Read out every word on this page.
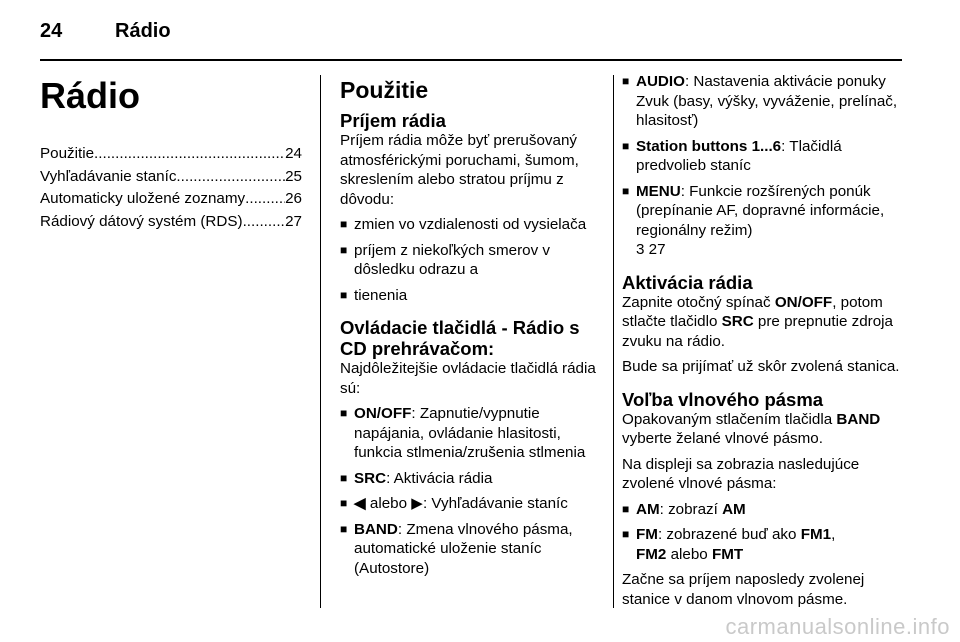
24	Rádio
Rádio
Použitie .....	24
Vyhľadávanie staníc .....	25
Automaticky uložené zoznamy .....	26
Rádiový dátový systém (RDS) .....	27
Použitie
Príjem rádia

Príjem rádia môže byť prerušovaný atmosférickými poruchami, šumom, skreslením alebo stratou príjmu z dôvodu:

■ zmien vo vzdialenosti od vysielača
■ príjem z niekoľkých smerov v dôsledku odrazu a
■ tienenia
Ovládacie tlačidlá - Rádio s CD prehrávačom:

Najdôležitejšie ovládacie tlačidlá rádia sú:

■ ON/OFF: Zapnutie/vypnutie napájania, ovládanie hlasitosti, funkcia stlmenia/zrušenia stlmenia
■ SRC: Aktivácia rádia
■ ◀ alebo ▶: Vyhľadávanie staníc
■ BAND: Zmena vlnového pásma, automatické uloženie staníc (Autostore)
■ AUDIO: Nastavenia aktivácie ponuky Zvuk (basy, výšky, vyváženie, prelínač, hlasitosť)
■ Station buttons 1...6: Tlačidlá predvolieb staníc
■ MENU: Funkcie rozšírených ponúk (prepínanie AF, dopravné informácie, regionálny režim)
3 27
Aktivácia rádia

Zapnite otočný spínač ON/OFF, potom stlačte tlačidlo SRC pre prepnutie zdroja zvuku na rádio.

Bude sa prijímať už skôr zvolená stanica.

Voľba vlnového pásma

Opakovaným stlačením tlačidla BAND vyberte želané vlnové pásmo.

Na displeji sa zobrazia nasledujúce zvolené vlnové pásma:

■ AM: zobrazí AM
■ FM: zobrazené buď ako FM1,
FM2 alebo FMT

Začne sa príjem naposledy zvolenej stanice v danom vlnovom pásme.

carmanualsonline.info
